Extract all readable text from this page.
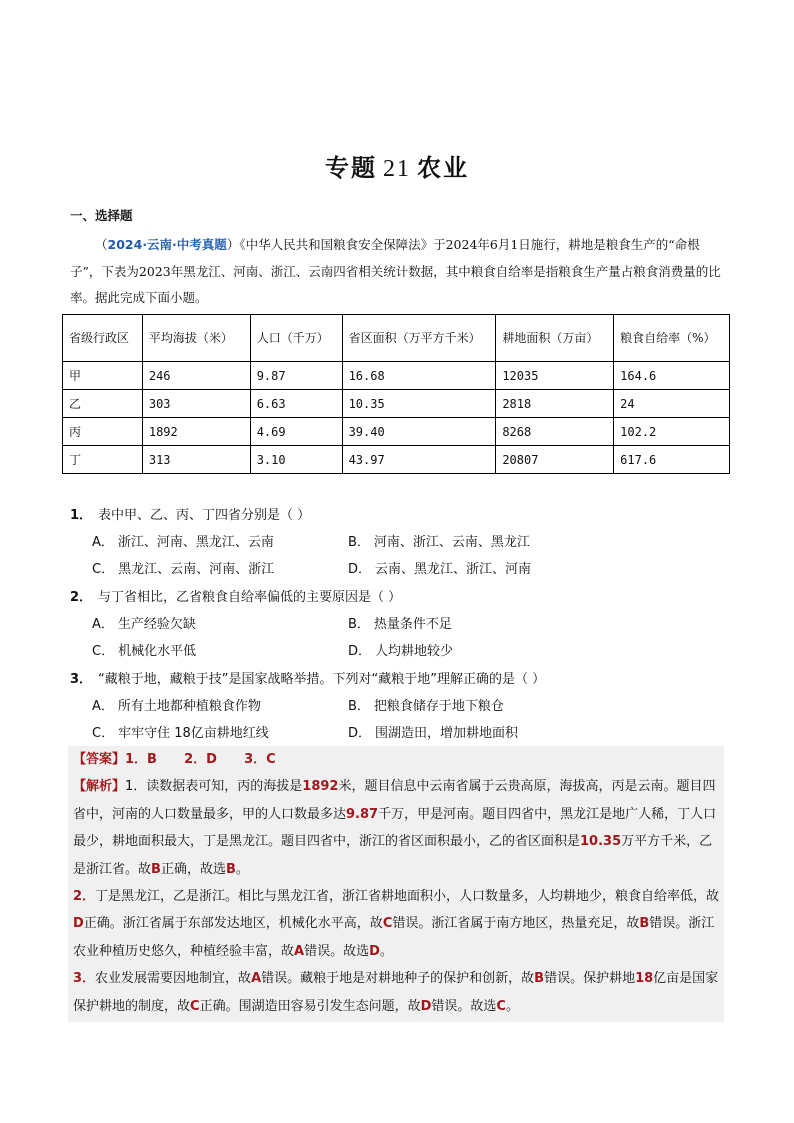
专题 21 农业
一、选择题
（2024·云南·中考真题）《中华人民共和国粮食安全保障法》于2024年6月1日施行，耕地是粮食生产的“命根子”，下表为2023年黑龙江、河南、浙江、云南四省相关统计数据，其中粮食自给率是指粮食生产量占粮食消费量的比率。据此完成下面小题。
省级行政区	平均海拔（米）	人口（千万）	省区面积（万平方千米）	耕地面积（万亩）	粮食自给率（%）
甲	246	9.87	16.68	12035	164.6
乙	303	6.63	10.35	2818	24
丙	1892	4.69	39.40	8268	102.2
丁	313	3.10	43.97	20807	617.6
1． 表中甲、乙、丙、丁四省分别是（ ）
A． 浙江、河南、黑龙江、云南	B． 河南、浙江、云南、黑龙江
C． 黑龙江、云南、河南、浙江	D． 云南、黑龙江、浙江、河南
2． 与丁省相比，乙省粮食自给率偏低的主要原因是（ ）
A． 生产经验欠缺	B． 热量条件不足
C． 机械化水平低	D． 人均耕地较少
3． “藏粮于地，藏粮于技”是国家战略举措。下列对“藏粮于地”理解正确的是（ ）
A． 所有土地都种植粮食作物	B． 把粮食储存于地下粮仓
C． 牢牢守住 18亿亩耕地红线	D． 围湖造田，增加耕地面积
【答案】1．B      2．D      3．C
【解析】1．读数据表可知，丙的海拔是1892米，题目信息中云南省属于云贵高原，海拔高，丙是云南。题目四省中，河南的人口数量最多，甲的人口数最多达9.87千万，甲是河南。题目四省中，黑龙江是地广人稀，丁人口最少，耕地面积最大，丁是黑龙江。题目四省中，浙江的省区面积最小，乙的省区面积是10.35万平方千米，乙是浙江省。故B正确，故选B。
2．丁是黑龙江，乙是浙江。相比与黑龙江省，浙江省耕地面积小，人口数量多，人均耕地少，粮食自给率低，故D正确。浙江省属于东部发达地区，机械化水平高，故C错误。浙江省属于南方地区，热量充足，故B错误。浙江农业种植历史悠久，种植经验丰富，故A错误。故选D。
3．农业发展需要因地制宜，故A错误。藏粮于地是对耕地种子的保护和创新，故B错误。保护耕地18亿亩是国家保护耕地的制度，故C正确。围湖造田容易引发生态问题，故D错误。故选C。
